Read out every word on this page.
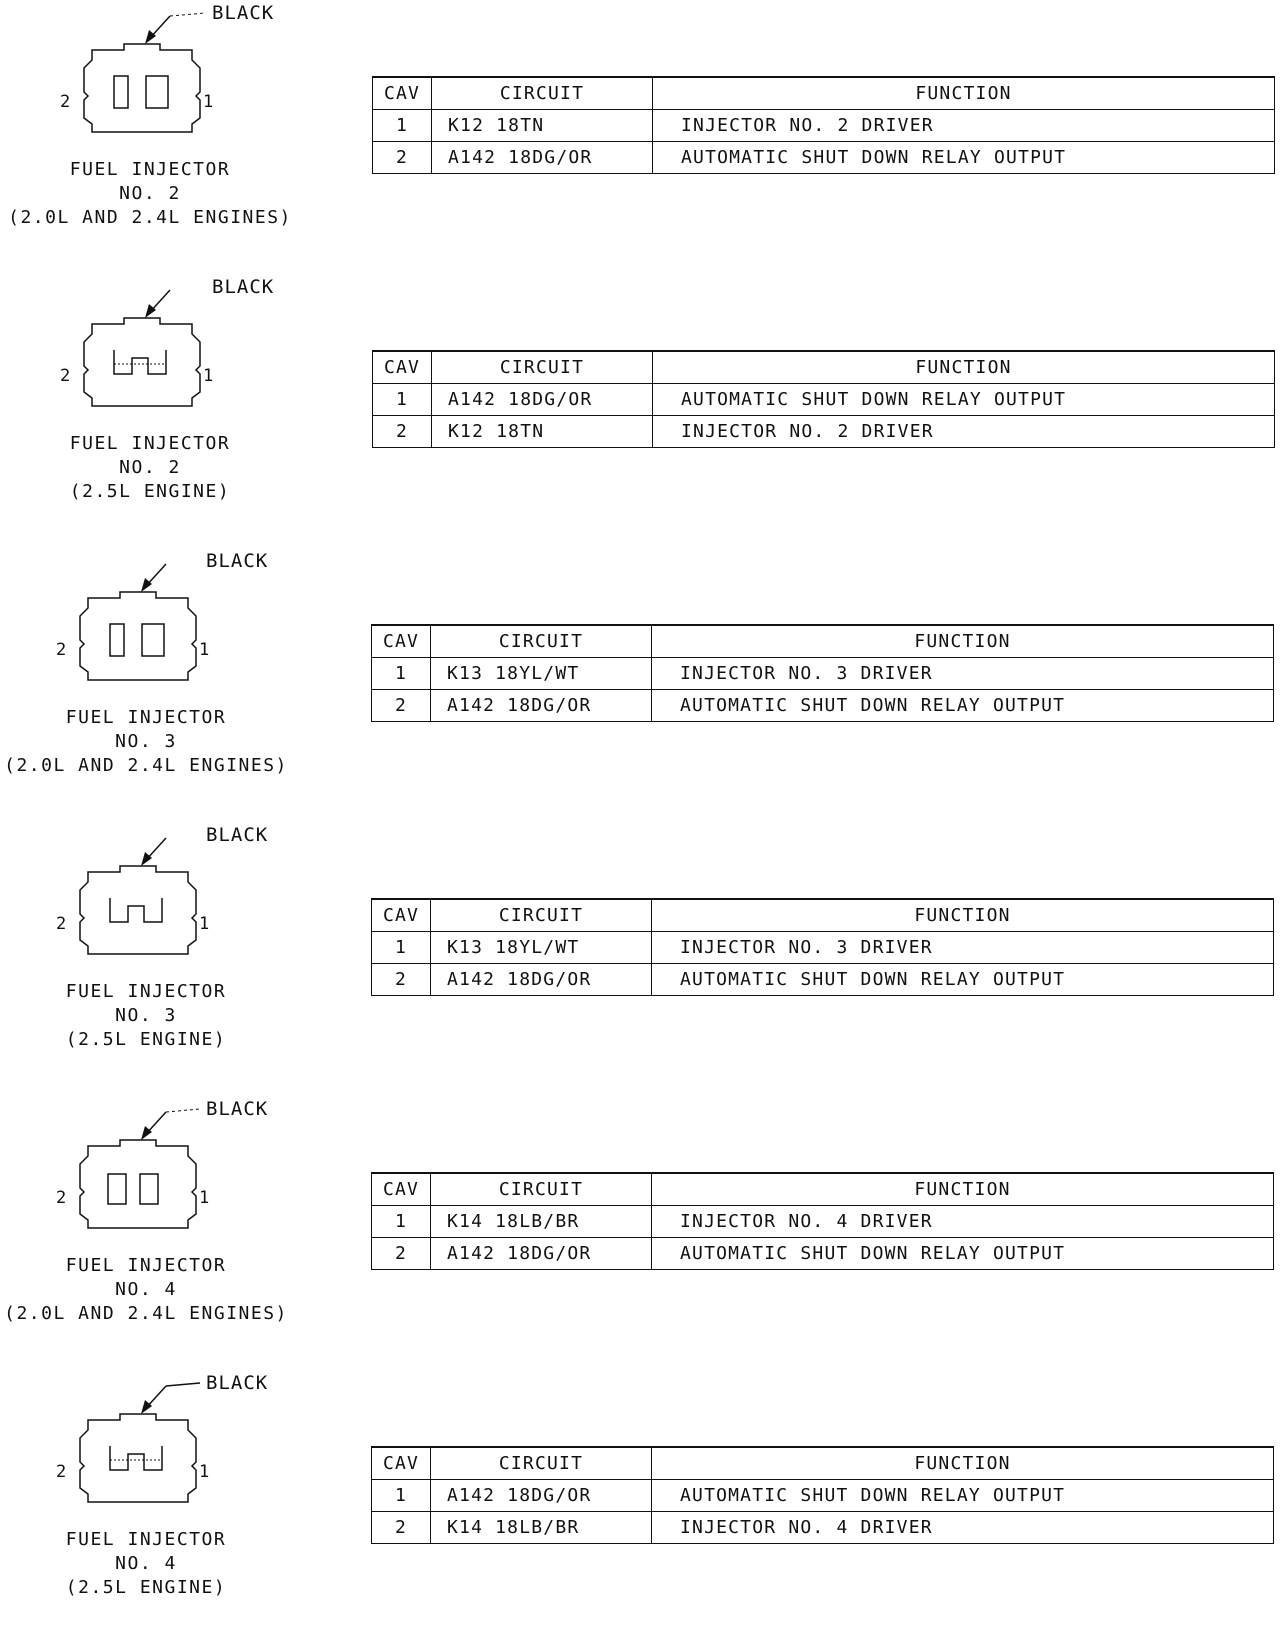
BLACK
2	1
FUEL INJECTOR
NO. 2
(2.0L AND 2.4L ENGINES)
CAV	CIRCUIT	FUNCTION
1	K12 18TN	INJECTOR NO. 2 DRIVER
2	A142 18DG/OR	AUTOMATIC SHUT DOWN RELAY OUTPUT
BLACK
2	1
FUEL INJECTOR
NO. 2
(2.5L ENGINE)
CAV	CIRCUIT	FUNCTION
1	A142 18DG/OR	AUTOMATIC SHUT DOWN RELAY OUTPUT
2	K12 18TN	INJECTOR NO. 2 DRIVER
BLACK
2	1
FUEL INJECTOR
NO. 3
(2.0L AND 2.4L ENGINES)
CAV	CIRCUIT	FUNCTION
1	K13 18YL/WT	INJECTOR NO. 3 DRIVER
2	A142 18DG/OR	AUTOMATIC SHUT DOWN RELAY OUTPUT
BLACK
2	1
FUEL INJECTOR
NO. 3
(2.5L ENGINE)
CAV	CIRCUIT	FUNCTION
1	K13 18YL/WT	INJECTOR NO. 3 DRIVER
2	A142 18DG/OR	AUTOMATIC SHUT DOWN RELAY OUTPUT
BLACK
2	1
FUEL INJECTOR
NO. 4
(2.0L AND 2.4L ENGINES)
CAV	CIRCUIT	FUNCTION
1	K14 18LB/BR	INJECTOR NO. 4 DRIVER
2	A142 18DG/OR	AUTOMATIC SHUT DOWN RELAY OUTPUT
BLACK
2	1
FUEL INJECTOR
NO. 4
(2.5L ENGINE)
CAV	CIRCUIT	FUNCTION
1	A142 18DG/OR	AUTOMATIC SHUT DOWN RELAY OUTPUT
2	K14 18LB/BR	INJECTOR NO. 4 DRIVER
